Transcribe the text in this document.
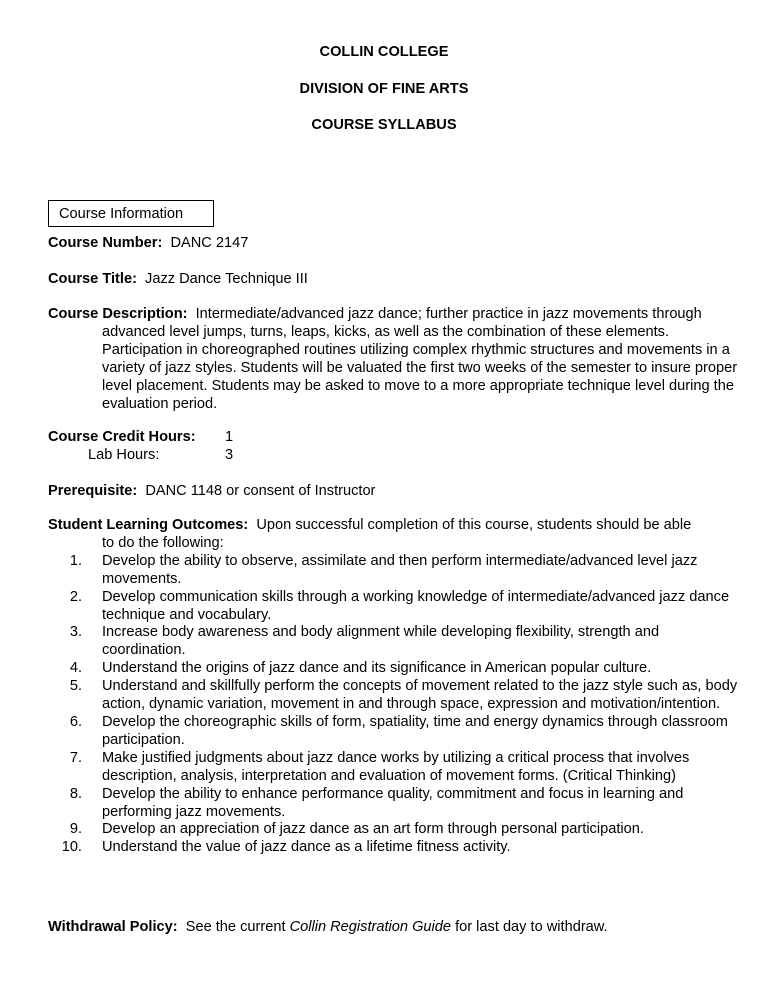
COLLIN COLLEGE
DIVISION OF FINE ARTS
COURSE SYLLABUS
Course Information
Course Number: DANC 2147
Course Title: Jazz Dance Technique III
Course Description: Intermediate/advanced jazz dance; further practice in jazz movements through
advanced level jumps, turns, leaps, kicks, as well as the combination of these elements. Participation in choreographed routines utilizing complex rhythmic structures and movements in a variety of jazz styles. Students will be valuated the first two weeks of the semester to insure proper level placement. Students may be asked to move to a more appropriate technique level during the evaluation period.
Course Credit Hours:	1
Lab Hours:	3
Prerequisite: DANC 1148 or consent of Instructor
Student Learning Outcomes: Upon successful completion of this course, students should be able
to do the following:
1. Develop the ability to observe, assimilate and then perform intermediate/advanced level jazz movements.
2. Develop communication skills through a working knowledge of intermediate/advanced jazz dance technique and vocabulary.
3. Increase body awareness and body alignment while developing flexibility, strength and coordination.
4. Understand the origins of jazz dance and its significance in American popular culture.
5. Understand and skillfully perform the concepts of movement related to the jazz style such as, body action, dynamic variation, movement in and through space, expression and motivation/intention.
6. Develop the choreographic skills of form, spatiality, time and energy dynamics through classroom participation.
7. Make justified judgments about jazz dance works by utilizing a critical process that involves description, analysis, interpretation and evaluation of movement forms. (Critical Thinking)
8. Develop the ability to enhance performance quality, commitment and focus in learning and performing jazz movements.
9. Develop an appreciation of jazz dance as an art form through personal participation.
10. Understand the value of jazz dance as a lifetime fitness activity.
Withdrawal Policy: See the current Collin Registration Guide for last day to withdraw.
